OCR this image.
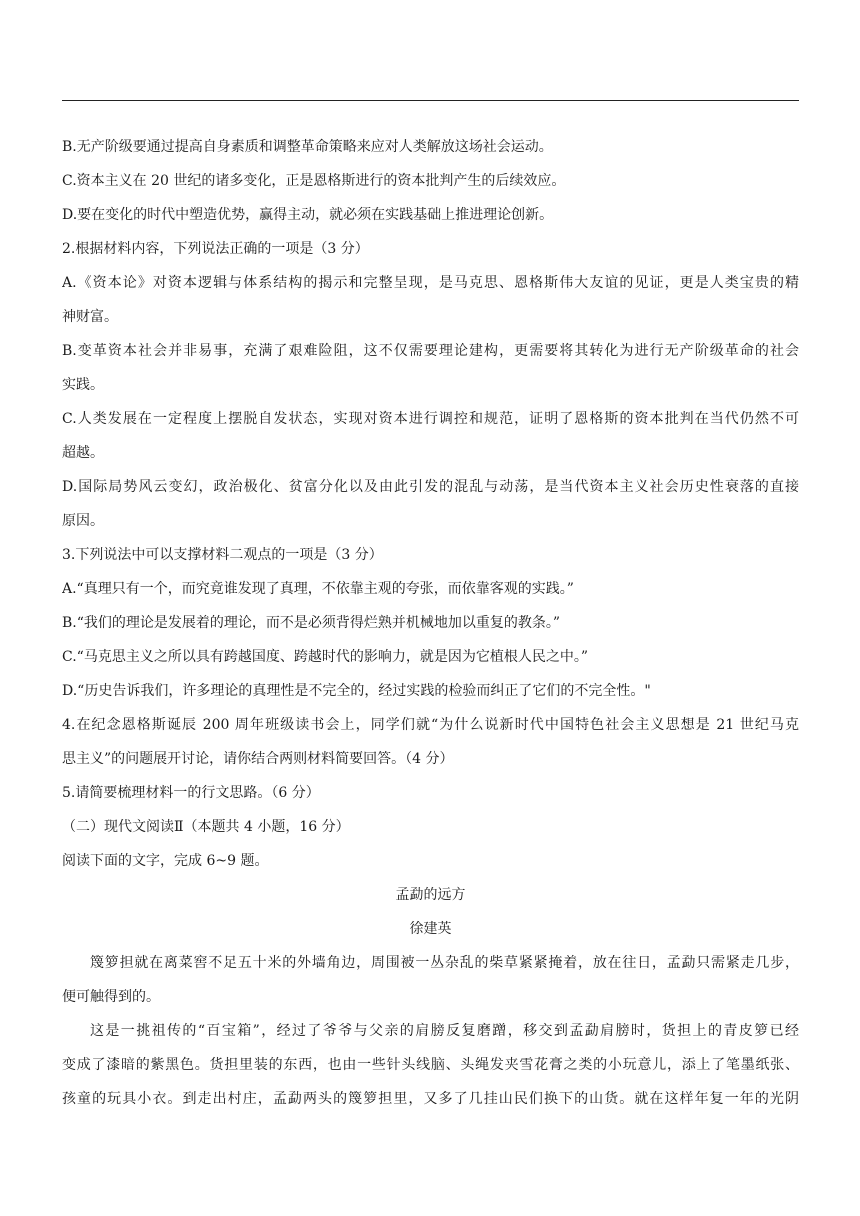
B.无产阶级要通过提高自身素质和调整革命策略来应对人类解放这场社会运动。
C.资本主义在 20 世纪的诸多变化，正是恩格斯进行的资本批判产生的后续效应。
D.要在变化的时代中塑造优势，赢得主动，就必须在实践基础上推进理论创新。
2.根据材料内容，下列说法正确的一项是（3 分）
A.《资本论》对资本逻辑与体系结构的揭示和完整呈现，是马克思、恩格斯伟大友谊的见证，更是人类宝贵的精
神财富。
B.变革资本社会并非易事，充满了艰难险阻，这不仅需要理论建构，更需要将其转化为进行无产阶级革命的社会
实践。
C.人类发展在一定程度上摆脱自发状态，实现对资本进行调控和规范，证明了恩格斯的资本批判在当代仍然不可
超越。
D.国际局势风云变幻，政治极化、贫富分化以及由此引发的混乱与动荡，是当代资本主义社会历史性衰落的直接
原因。
3.下列说法中可以支撑材料二观点的一项是（3 分）
A.“真理只有一个，而究竟谁发现了真理，不依靠主观的夸张，而依靠客观的实践。”
B.“我们的理论是发展着的理论，而不是必须背得烂熟并机械地加以重复的教条。”
C.“马克思主义之所以具有跨越国度、跨越时代的影响力，就是因为它植根人民之中。”
D.“历史告诉我们，许多理论的真理性是不完全的，经过实践的检验而纠正了它们的不完全性。"
4.在纪念恩格斯诞辰 200 周年班级读书会上，同学们就“为什么说新时代中国特色社会主义思想是 21 世纪马克
思主义”的问题展开讨论，请你结合两则材料简要回答。（4 分）
5.请简要梳理材料一的行文思路。（6 分）
（二）现代文阅读Ⅱ（本题共 4 小题，16 分）
阅读下面的文字，完成 6~9 题。
孟勐的远方
徐建英
篾箩担就在离菜窖不足五十米的外墙角边，周围被一丛杂乱的柴草紧紧掩着，放在往日，孟勐只需紧走几步，
便可触得到的。
这是一挑祖传的“百宝箱”，经过了爷爷与父亲的肩膀反复磨蹭，移交到孟勐肩膀时，货担上的青皮箩已经
变成了漆暗的紫黑色。货担里装的东西，也由一些针头线脑、头绳发夹雪花膏之类的小玩意儿，添上了笔墨纸张、
孩童的玩具小衣。到走出村庄，孟勐两头的篾箩担里，又多了几挂山民们换下的山货。就在这样年复一年的光阴
